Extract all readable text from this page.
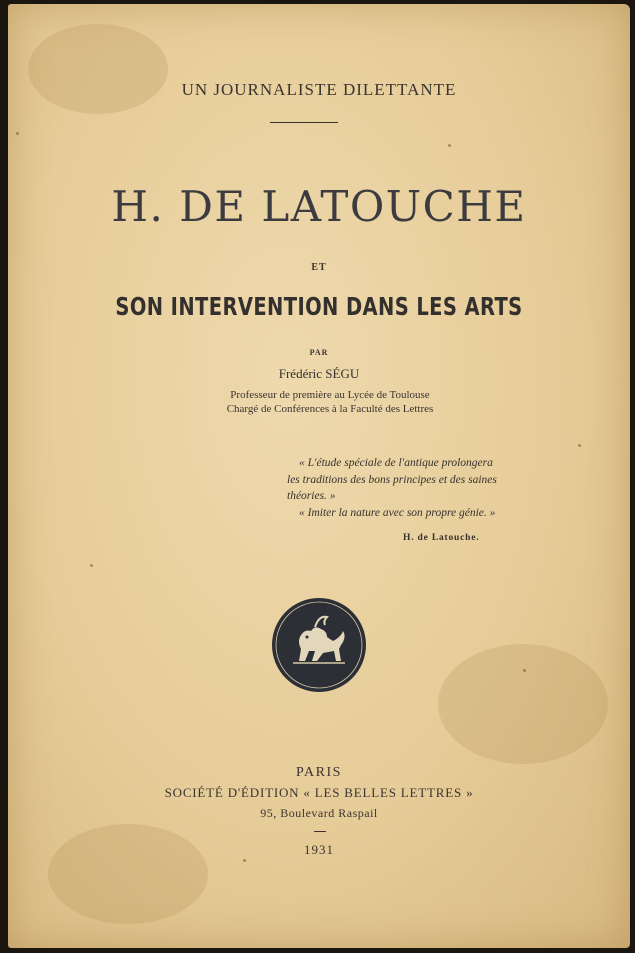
UN JOURNALISTE DILETTANTE
H. DE LATOUCHE
ET
SON INTERVENTION DANS LES ARTS
PAR
Frédéric SÉGU
Professeur de première au Lycée de Toulouse
Chargé de Conférences à la Faculté des Lettres
« L'étude spéciale de l'antique prolongera
les traditions des bons principes et des saines
théories. »
« Imiter la nature avec son propre génie. »
H. de Latouche.
PARIS
SOCIÉTÉ D'ÉDITION « LES BELLES LETTRES »
95, Boulevard Raspail
1931
